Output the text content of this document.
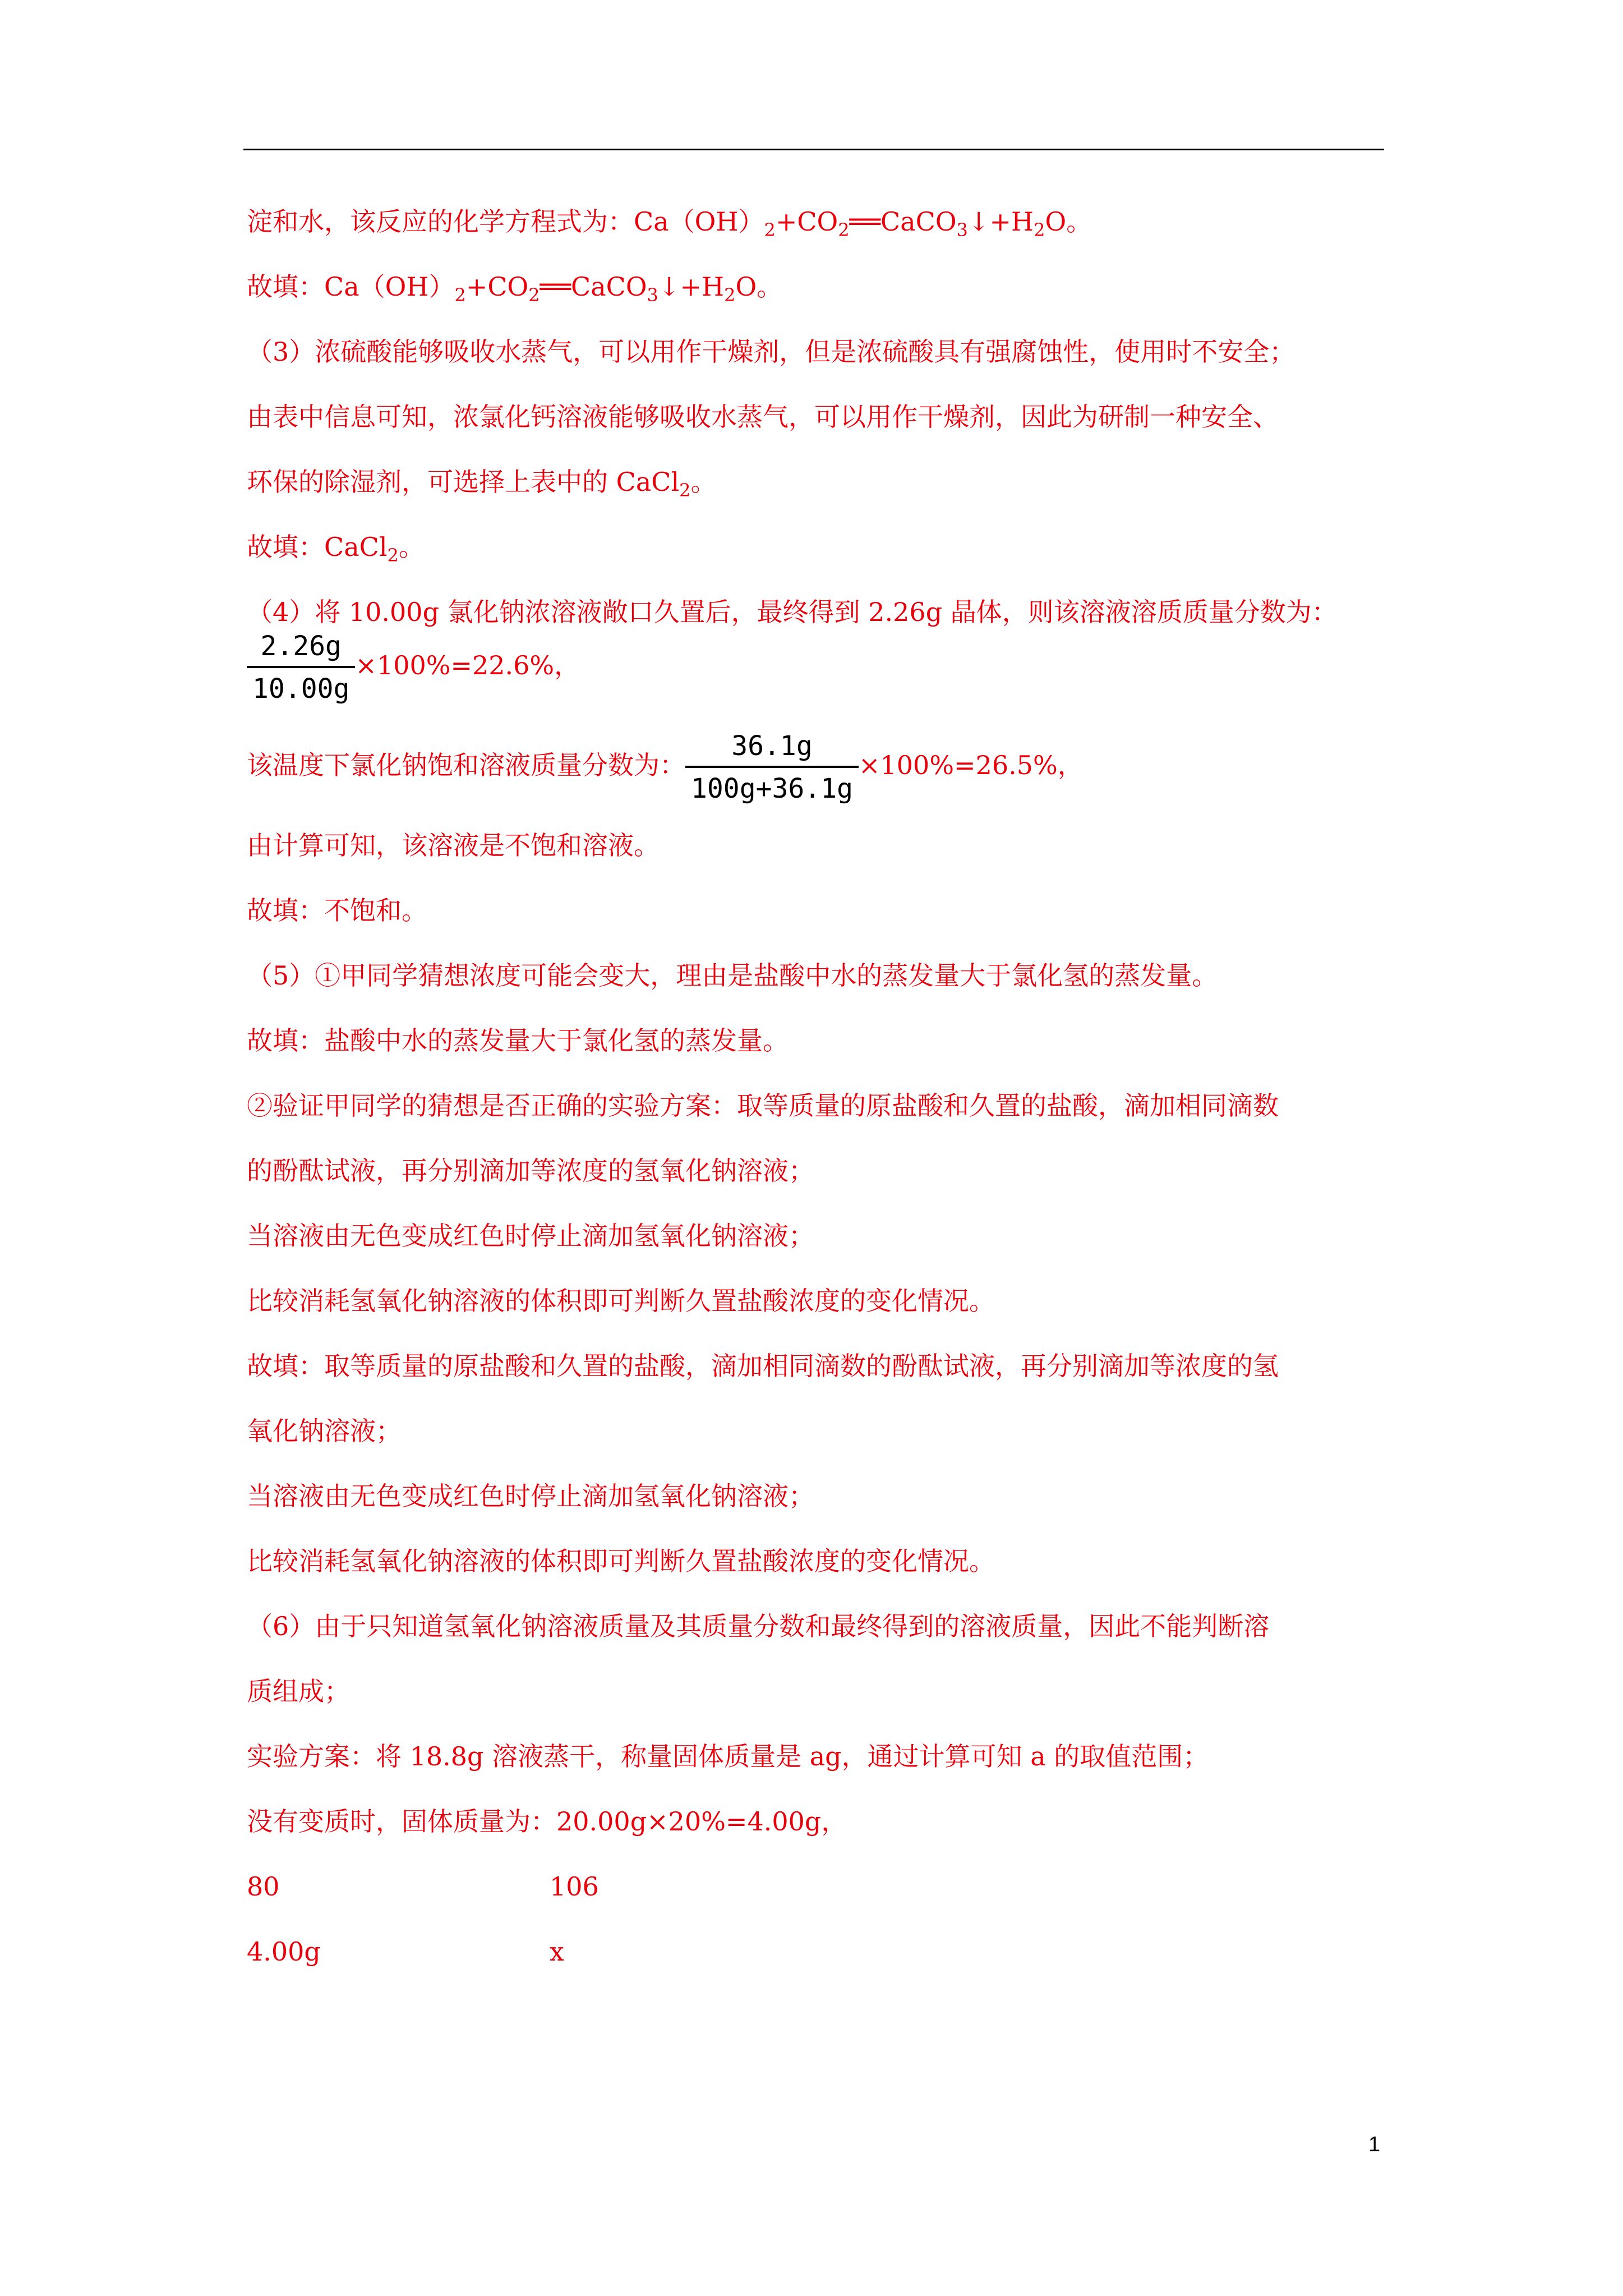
淀和水，该反应的化学方程式为：$Ca(OH)_2+CO_2══CaCO_3↓+H_2O$。
故填：$Ca(OH)_2+CO_2══CaCO_3↓+H_2O$。
（3）浓硫酸能够吸收水蒸气，可以用作干燥剂，但是浓硫酸具有强腐蚀性，使用时不安全；
由表中信息可知，浓氯化钙溶液能够吸收水蒸气，可以用作干燥剂，因此为研制一种安全、
环保的除湿剂，可选择上表中的 CaCl$_2$。
故填：CaCl$_2$。
（4）将 10.00g 氯化钠浓溶液敞口久置后，最终得到 2.26g 晶体，则该溶液溶质质量分数为：
$\frac{2.26g}{10.00g} \times 100\%=22.6\%$，
该温度下氯化钠饱和溶液质量分数为： $\frac{36.1g}{100g+36.1g} \times 100\%=26.5\%$，
由计算可知，该溶液是不饱和溶液。
故填：不饱和。
（5）①甲同学猜想浓度可能会变大，理由是盐酸中水的蒸发量大于氯化氢的蒸发量。
故填：盐酸中水的蒸发量大于氯化氢的蒸发量。
②验证甲同学的猜想是否正确的实验方案：取等质量的原盐酸和久置的盐酸，滴加相同滴数
的酚酞试液，再分别滴加等浓度的氢氧化钠溶液；
当溶液由无色变成红色时停止滴加氢氧化钠溶液；
比较消耗氢氧化钠溶液的体积即可判断久置盐酸浓度的变化情况。
故填：取等质量的原盐酸和久置的盐酸，滴加相同滴数的酚酞试液，再分别滴加等浓度的氢
氧化钠溶液；
当溶液由无色变成红色时停止滴加氢氧化钠溶液；
比较消耗氢氧化钠溶液的体积即可判断久置盐酸浓度的变化情况。
（6）由于只知道氢氧化钠溶液质量及其质量分数和最终得到的溶液质量，因此不能判断溶
质组成；
实验方案：将 18.8g 溶液蒸干，称量固体质量是 ag，通过计算可知 a 的取值范围；
没有变质时，固体质量为：20.00g×20%=4.00g，
80	106
4.00g	x
1
